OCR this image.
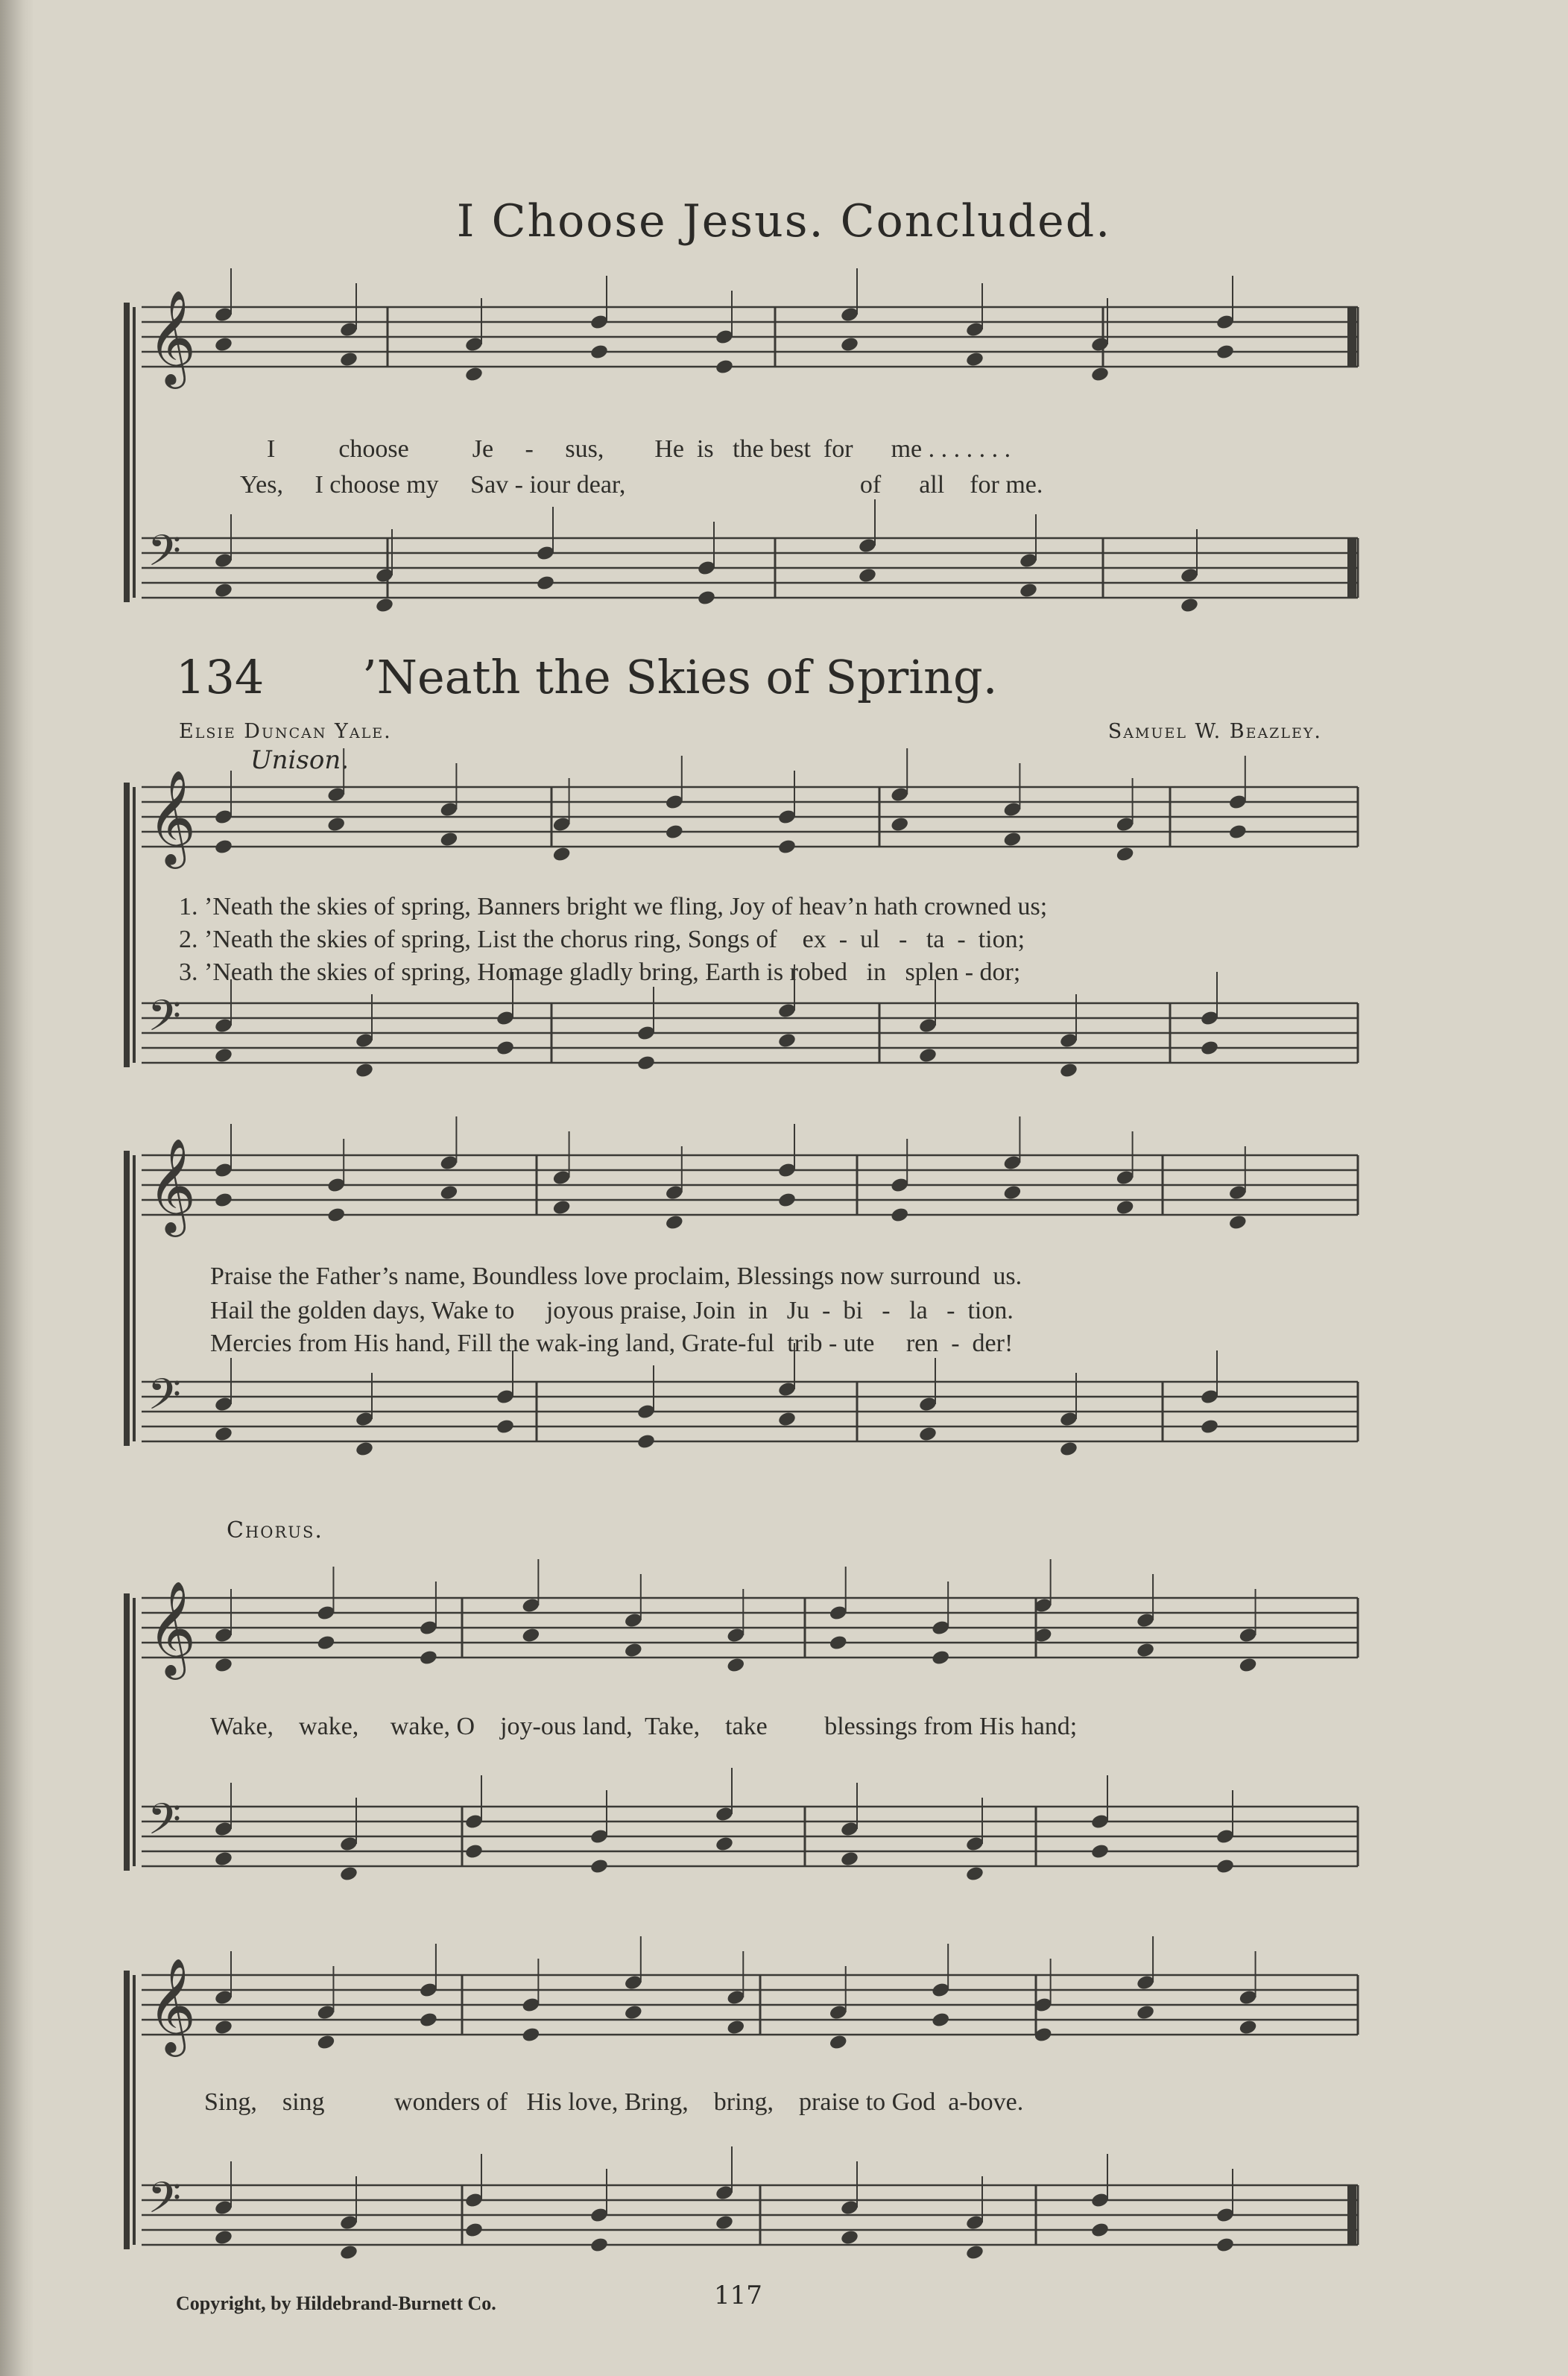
I Choose Jesus. Concluded.
I          choose          Je     -     sus,        He  is   the best  for      me . . . . . . .
Yes,     I choose my     Sav - iour dear,                                     of      all    for me.
134 ’Neath the Skies of Spring.
Elsie Duncan Yale.	Samuel W. Beazley.
Unison.
1. ’Neath the skies of spring, Banners bright we fling, Joy of heav’n hath crowned us;
2. ’Neath the skies of spring, List the chorus ring, Songs of    ex  -  ul   -   ta  -  tion;
3. ’Neath the skies of spring, Homage gladly bring, Earth is robed   in   splen - dor;
Praise the Father’s name, Boundless love proclaim, Blessings now surround  us.
Hail the golden days, Wake to     joyous praise, Join  in   Ju  -  bi   -   la   -  tion.
Mercies from His hand, Fill the wak-ing land, Grate-ful  trib - ute     ren  -  der!
Chorus.
Wake,    wake,     wake, O    joy-ous land,  Take,    take         blessings from His hand;
Sing,    sing           wonders of   His love, Bring,    bring,    praise to God  a-bove.
Copyright, by Hildebrand-Burnett Co.	117
𝄞
𝄢
𝄞
𝄢
𝄞
𝄢
𝄞
𝄢
𝄞
𝄢
